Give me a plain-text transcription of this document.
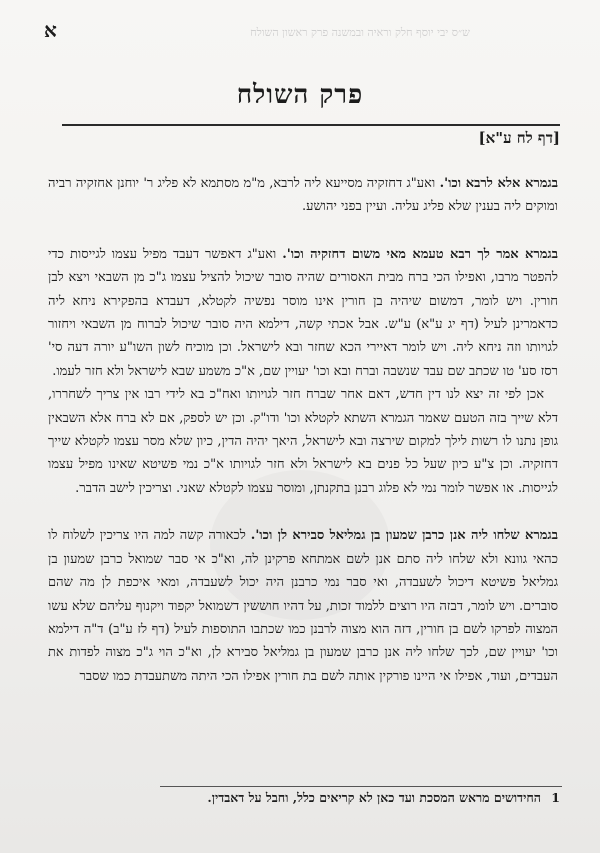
א	ש״ס יבי יוסף חלק וראיה ובמשנה פרק ראשון השולח
פרק השולח
[דף לח ע"א]

בגמרא אלא לרבא וכו'. ואע"ג דחזקיה מסייעא ליה לרבא, מ"מ מסתמא לא פליג ר' יוחנן אחזקיה רביה ומוקים ליה בענין שלא פליג עליה. ועיין בפני יהושע.

בגמרא אמר לך רבא טעמא מאי משום דחזקיה וכו'. ואע"ג דאפשר דעבד מפיל עצמו לגייסות כדי להפטר מרבו, ואפילו הכי ברח מבית האסורים שהיה סובר שיכול להציל עצמו ג"כ מן השבאי ויצא לבן חורין. ויש לומר, דמשום שיהיה בן חורין אינו מוסר נפשיה לקטלא, דעבדא בהפקירא ניחא ליה כדאמרינן לעיל (דף יג ע"א) ע"ש. אבל אכתי קשה, דילמא היה סובר שיכול לברוח מן השבאי ויחזור לגויותו וזה ניחא ליה. ויש לומר דאיירי הכא שחזר ובא לישראל. וכן מוכיח לשון השו"ע יורה דעה סי' רסז סע' טו שכתב שם עבד שנשבה וברח ובא וכו' יעויין שם, א"כ משמע שבא לישראל ולא חזר לעמו.

אכן לפי זה יצא לנו דין חדש, דאם אחר שברח חזר לגויותו ואח"כ בא לידי רבו אין צריך לשחררו, דלא שייך בזה הטעם שאמר הגמרא השתא לקטלא וכו' ודו"ק. וכן יש לספק, אם לא ברח אלא השבאין גופן נתנו לו רשות לילך למקום שירצה ובא לישראל, היאך יהיה הדין, כיון שלא מסר עצמו לקטלא שייך דחזקיה. וכן צ"ע כיון שעל כל פנים בא לישראל ולא חזר לגויותו א"כ נמי פשיטא שאינו מפיל עצמו לגייסות. או אפשר לומר נמי לא פלוג רבנן בתקנתן, ומוסר עצמו לקטלא שאני. וצריכין לישב הדבר.

בגמרא שלחו ליה אנן כרבן שמעון בן גמליאל סבירא לן וכו'. לכאורה קשה למה היו צריכין לשלוח לו כהאי גוונא ולא שלחו ליה סתם אנן לשם אמתחא פרקינן לה, וא"כ אי סבר שמואל כרבן שמעון בן גמליאל פשיטא דיכול לשעבדה, ואי סבר נמי כרבנן היה יכול לשעבדה, ומאי איכפת לן מה שהם סוברים. ויש לומר, דבזה היו רוצים ללמוד זכות, על דהיו חוששין דשמואל יקפוד ויקנוף עליהם שלא עשו המצוה לפרקו לשם בן חורין, דזה הוא מצוה לרבנן כמו שכתבו התוספות לעיל (דף לז ע"ב) ד"ה דילמא וכו' יעויין שם, לכך שלחו ליה אנן כרבן שמעון בן גמליאל סבירא לן, וא"כ הוי ג"כ מצוה לפדות את העבדים, ועוד, אפילו אי היינו פורקין אותה לשם בת חורין אפילו הכי היתה משתעבדת כמו שסבר

1 החידושים מראש המסכת ועד כאן לא קריאים כלל, וחבל על דאבדין.
